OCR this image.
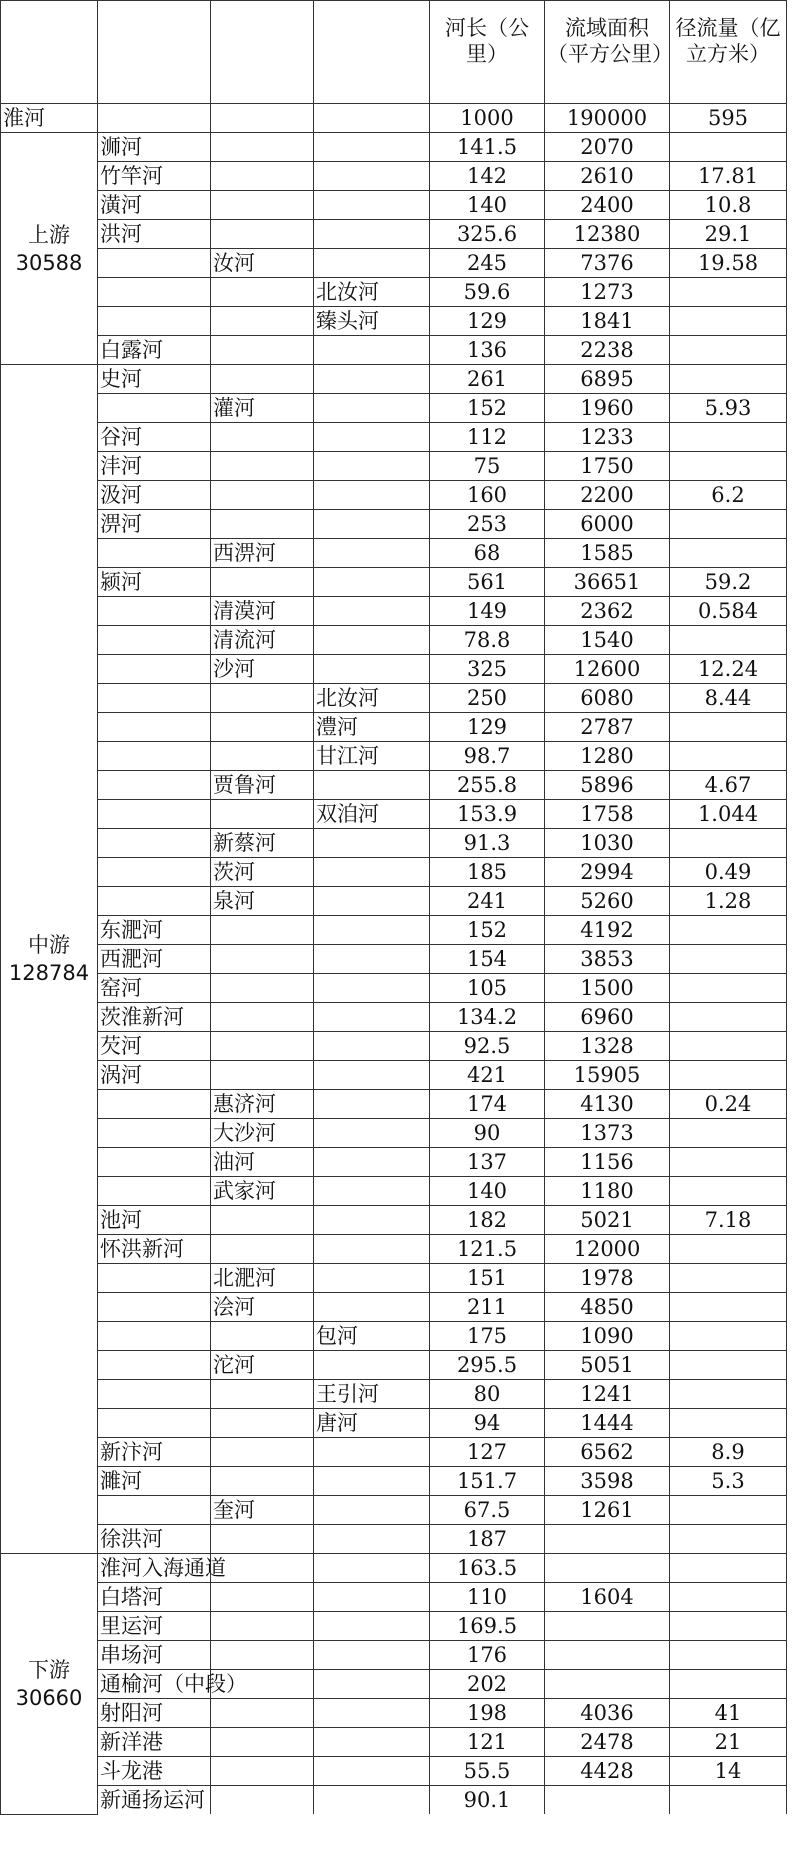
				河长（公里）	流域面积（平方公里）	径流量（亿立方米）
淮河				1000	190000	595

上游
30588	浉河			141.5	2070	
	竹竿河			142	2610	17.81
	潢河			140	2400	10.8
	洪河			325.6	12380	29.1
		汝河		245	7376	19.58
			北汝河	59.6	1273	
			臻头河	129	1841	
	白露河			136	2238	

中游
128784	史河			261	6895	
		灌河		152	1960	5.93
	谷河			112	1233	
	沣河			75	1750	
	汲河			160	2200	6.2
	淠河			253	6000	
		西淠河		68	1585	
	颍河			561	36651	59.2
		清漠河		149	2362	0.584
		清流河		78.8	1540	
		沙河		325	12600	12.24
			北汝河	250	6080	8.44
			澧河	129	2787	
			甘江河	98.7	1280	
		贾鲁河		255.8	5896	4.67
			双洎河	153.9	1758	1.044
		新蔡河		91.3	1030	
		茨河		185	2994	0.49
		泉河		241	5260	1.28
	东淝河			152	4192	
	西淝河			154	3853	
	窑河			105	1500	
	茨淮新河			134.2	6960	
	芡河			92.5	1328	
	涡河			421	15905	
		惠济河		174	4130	0.24
		大沙河		90	1373	
		油河		137	1156	
		武家河		140	1180	
	池河			182	5021	7.18
	怀洪新河			121.5	12000	
		北淝河		151	1978	
		浍河		211	4850	
			包河	175	1090	
		沱河		295.5	5051	
			王引河	80	1241	
			唐河	94	1444	
	新汴河			127	6562	8.9
	濉河			151.7	3598	5.3
		奎河		67.5	1261	
	徐洪河			187		

下游
30660	淮河入海通道			163.5		
	白塔河			110	1604	
	里运河			169.5		
	串场河			176		
	通榆河（中段）			202		
	射阳河			198	4036	41
	新洋港			121	2478	21
	斗龙港			55.5	4428	14
	新通扬运河			90.1		
